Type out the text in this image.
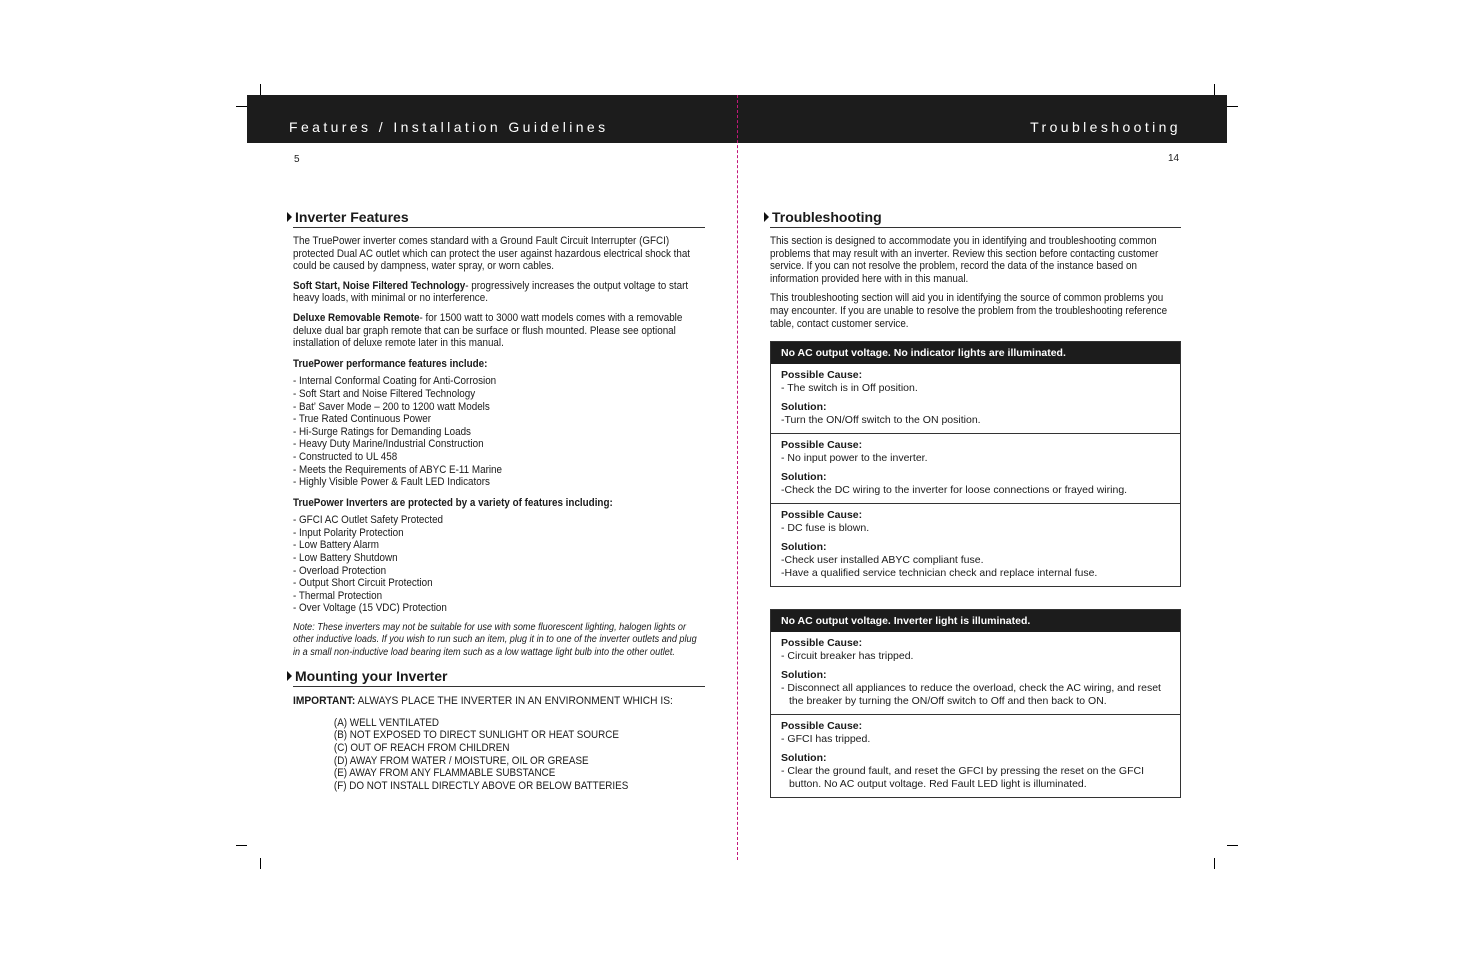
Features / Installation Guidelines	Troubleshooting
5	14
Inverter Features

The TruePower inverter comes standard with a Ground Fault Circuit Interrupter (GFCI) protected Dual AC outlet which can protect the user against hazardous electrical shock that could be caused by dampness, water spray, or worn cables.

Soft Start, Noise Filtered Technology- progressively increases the output voltage to start heavy loads, with minimal or no interference.

Deluxe Removable Remote- for 1500 watt to 3000 watt models comes with a removable deluxe dual bar graph remote that can be surface or flush mounted. Please see optional installation of deluxe remote later in this manual.

TruePower performance features include:

- Internal Conformal Coating for Anti-Corrosion
- Soft Start and Noise Filtered Technology
- Bat’ Saver Mode – 200 to 1200 watt Models
- True Rated Continuous Power
- Hi-Surge Ratings for Demanding Loads
- Heavy Duty Marine/Industrial Construction
- Constructed to UL 458
- Meets the Requirements of ABYC E-11 Marine
- Highly Visible Power & Fault LED Indicators

TruePower Inverters are protected by a variety of features including:

- GFCI AC Outlet Safety Protected
- Input Polarity Protection
- Low Battery Alarm
- Low Battery Shutdown
- Overload Protection
- Output Short Circuit Protection
- Thermal Protection
- Over Voltage (15 VDC) Protection

Note: These inverters may not be suitable for use with some fluorescent lighting, halogen lights or other inductive loads. If you wish to run such an item, plug it in to one of the inverter outlets and plug in a small non-inductive load bearing item such as a low wattage light bulb into the other outlet.

Mounting your Inverter

IMPORTANT: ALWAYS PLACE THE INVERTER IN AN ENVIRONMENT WHICH IS:

(A) WELL VENTILATED
(B) NOT EXPOSED TO DIRECT SUNLIGHT OR HEAT SOURCE
(C) OUT OF REACH FROM CHILDREN
(D) AWAY FROM WATER / MOISTURE, OIL OR GREASE
(E) AWAY FROM ANY FLAMMABLE SUBSTANCE
(F) DO NOT INSTALL DIRECTLY ABOVE OR BELOW BATTERIES
Troubleshooting

This section is designed to accommodate you in identifying and troubleshooting common problems that may result with an inverter. Review this section before contacting customer service. If you can not resolve the problem, record the data of the instance based on information provided here with in this manual.

This troubleshooting section will aid you in identifying the source of common problems you may encounter. If you are unable to resolve the problem from the troubleshooting reference table, contact customer service.

No AC output voltage. No indicator lights are illuminated.
Possible Cause:
- The switch is in Off position.
Solution:
-Turn the ON/Off switch to the ON position.
Possible Cause:
- No input power to the inverter.
Solution:
-Check the DC wiring to the inverter for loose connections or frayed wiring.
Possible Cause:
- DC fuse is blown.
Solution:
-Check user installed ABYC compliant fuse.
-Have a qualified service technician check and replace internal fuse.
No AC output voltage. Inverter light is illuminated.
Possible Cause:
- Circuit breaker has tripped.
Solution:
- Disconnect all appliances to reduce the overload, check the AC wiring, and reset the breaker by turning the ON/Off switch to Off and then back to ON.
Possible Cause:
- GFCI has tripped.
Solution:
- Clear the ground fault, and reset the GFCI by pressing the reset on the GFCI button. No AC output voltage. Red Fault LED light is illuminated.
